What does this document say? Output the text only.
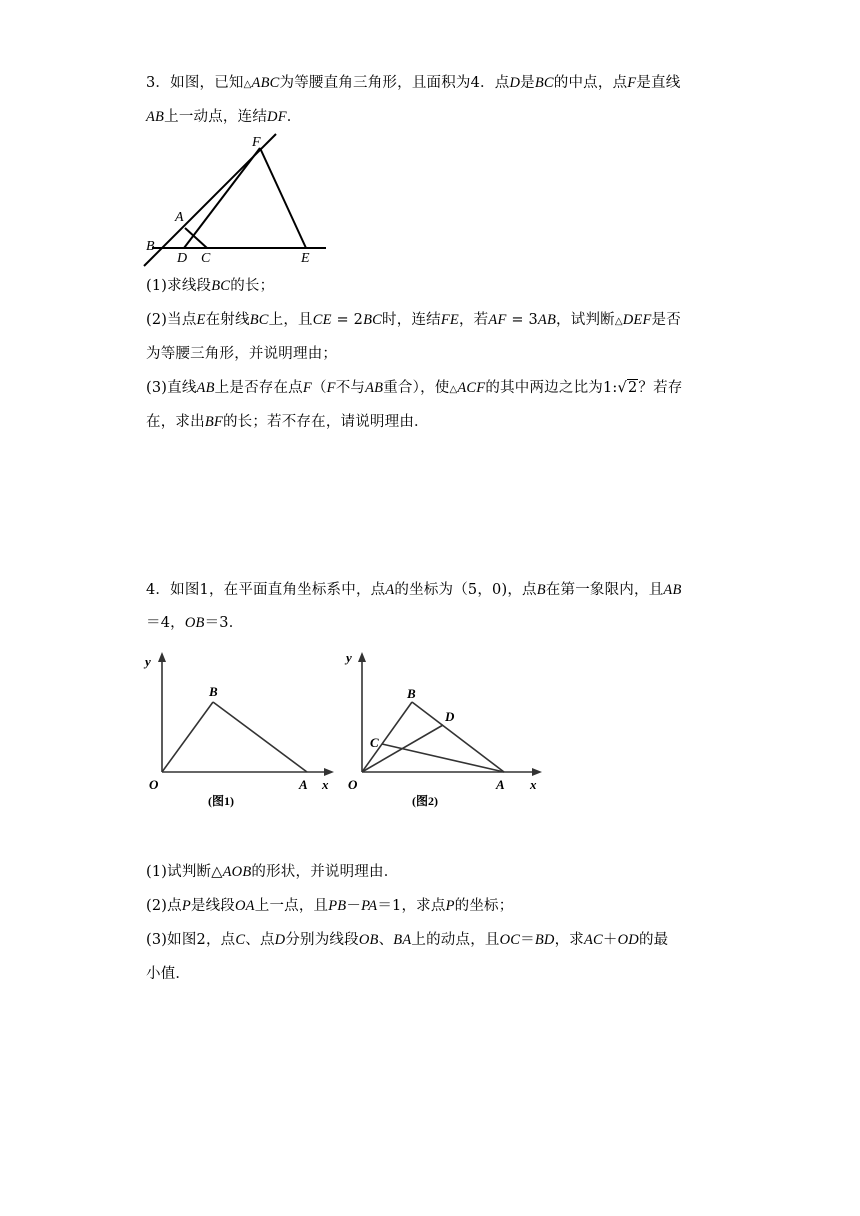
3．如图，已知△ABC为等腰直角三角形，且面积为4．点D是BC的中点，点F是直线
AB上一动点，连结DF．
F
A
B
D C	E
(1)求线段BC的长；
(2)当点E在射线BC上，且CE = 2BC时，连结FE，若AF = 3AB，试判断△DEF是否
为等腰三角形，并说明理由；
(3)直线AB上是否存在点F（F不与AB重合），使△ACF的其中两边之比为1:√2？若存
在，求出BF的长；若不存在，请说明理由．
4．如图1，在平面直角坐标系中，点A的坐标为（5，0)，点B在第一象限内，且AB
＝4，OB＝3．
y
B
O	A x
(图1)
y
B
D
C
O	A x
(图2)
(1)试判断△AOB的形状，并说明理由．
(2)点P是线段OA上一点，且PB－PA＝1，求点P的坐标；
(3)如图2，点C、点D分别为线段OB、BA上的动点，且OC＝BD，求AC＋OD的最
小值．
